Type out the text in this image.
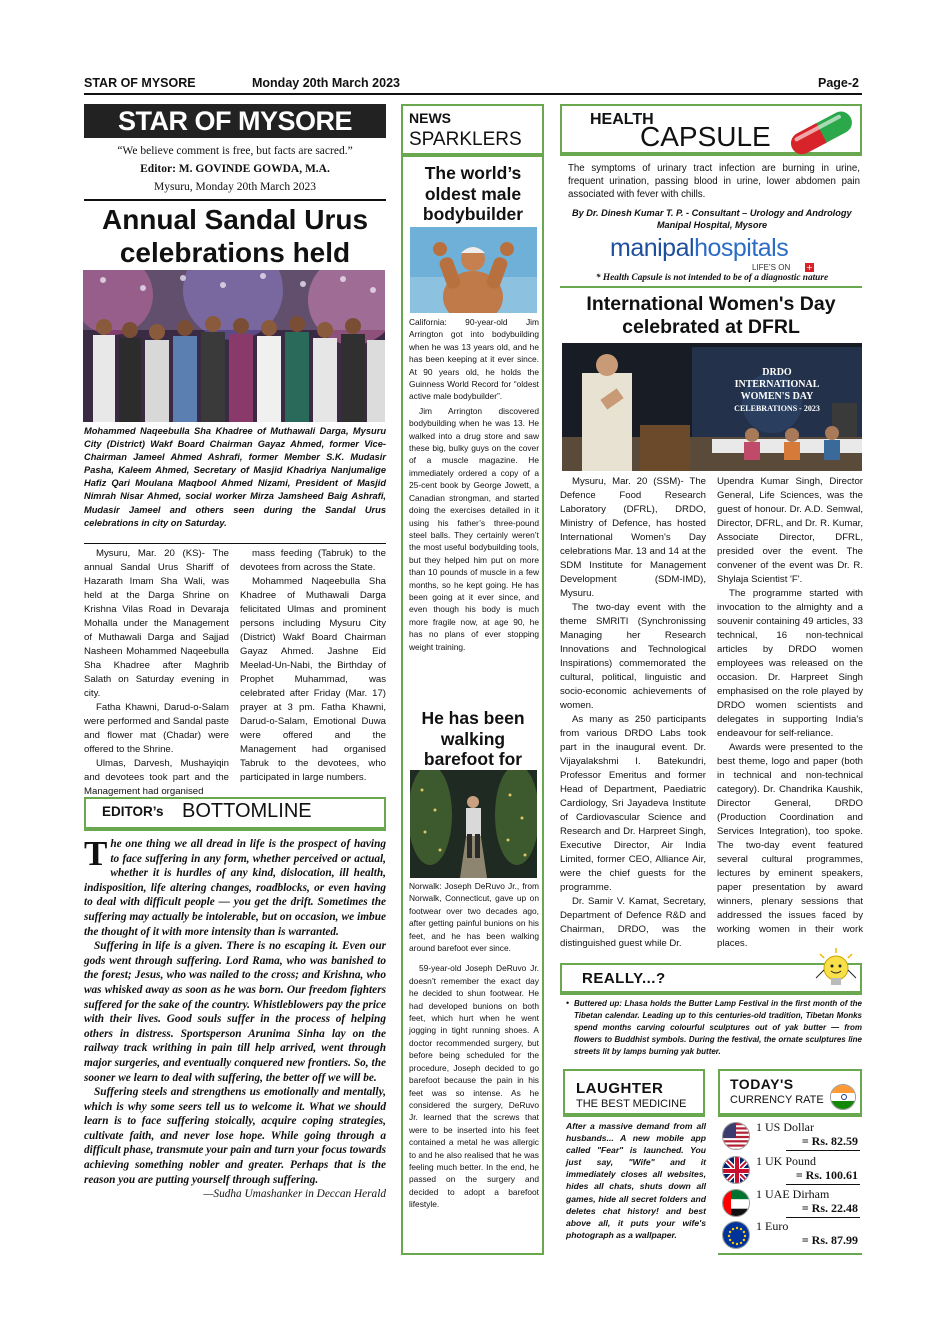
STAR OF MYSORE	Monday 20th March 2023	Page-2
STAR OF MYSORE
“We believe comment is free, but facts are sacred.”
Editor: M. GOVINDE GOWDA, M.A.
Mysuru, Monday 20th March 2023
Annual Sandal Urus celebrations held
Mohammed Naqeebulla Sha Khadree of Muthawali Darga, Mysuru City (District) Wakf Board Chairman Gayaz Ahmed, former Vice-Chairman Jameel Ahmed Ashrafi, former Member S.K. Mudasir Pasha, Kaleem Ahmed, Secretary of Masjid Khadriya Nanjumalige Hafiz Qari Moulana Maqbool Ahmed Nizami, President of Masjid Nimrah Nisar Ahmed, social worker Mirza Jamsheed Baig Ashrafi, Mudasir Jameel and others seen during the Sandal Urus celebrations in city on Saturday.

Mysuru, Mar. 20 (KS)- The annual Sandal Urus Shariff of Hazarath Imam Sha Wali, was held at the Darga Shrine on Krishna Vilas Road in Devaraja Mohalla under the Management of Muthawali Darga and Sajjad Nasheen Mohammed Naqeebulla Sha Khadree after Maghrib Salath on Saturday evening in city.

Fatha Khawni, Darud-o-Salam were performed and Sandal paste and flower mat (Chadar) were offered to the Shrine.

Ulmas, Darvesh, Mushayiqin and devotees took part and the Management had organised

mass feeding (Tabruk) to the devotees from across the State.

Mohammed Naqeebulla Sha Khadree of Muthawali Darga felicitated Ulmas and prominent persons including Mysuru City (District) Wakf Board Chairman Gayaz Ahmed. Jashne Eid Meelad-Un-Nabi, the Birthday of Prophet Muhammad, was celebrated after Friday (Mar. 17) prayer at 3 pm. Fatha Khawni, Darud-o-Salam, Emotional Duwa were offered and the Management had organised Tabruk to the devotees, who participated in large numbers.

EDITOR’s BOTTOMLINE
T he one thing we all dread in life is the prospect of having to face suffering in any form, whether perceived or actual, whether it is hurdles of any kind, dislocation, ill health, indisposition, life altering changes, roadblocks, or even having to deal with difficult people — you get the drift. Sometimes the suffering may actually be intolerable, but on occasion, we imbue the thought of it with more intensity than is warranted.

Suffering in life is a given. There is no escaping it. Even our gods went through suffering. Lord Rama, who was banished to the forest; Jesus, who was nailed to the cross; and Krishna, who was whisked away as soon as he was born. Our freedom fighters suffered for the sake of the country. Whistleblowers pay the price with their lives. Good souls suffer in the process of helping others in distress. Sportsperson Arunima Sinha lay on the railway track writhing in pain till help arrived, went through major surgeries, and eventually conquered new frontiers. So, the sooner we learn to deal with suffering, the better off we will be.

Suffering steels and strengthens us emotionally and mentally, which is why some seers tell us to welcome it. What we should learn is to face suffering stoically, acquire coping strategies, cultivate faith, and never lose hope. While going through a difficult phase, transmute your pain and turn your focus towards achieving something nobler and greater. Perhaps that is the reason you are putting yourself through suffering.

—Sudha Umashanker in Deccan Herald

NEWS
SPARKLERS
The world’s oldest male bodybuilder

California: 90-year-old Jim Arrington got into bodybuilding when he was 13 years old, and he has been keeping at it ever since. At 90 years old, he holds the Guinness World Record for “oldest active male bodybuilder”.

Jim Arrington discovered bodybuilding when he was 13. He walked into a drug store and saw these big, bulky guys on the cover of a muscle magazine. He immediately ordered a copy of a 25-cent book by George Jowett, a Canadian strongman, and started doing the exercises detailed in it using his father’s three-pound steel balls. They certainly weren’t the most useful bodybuilding tools, but they helped him put on more than 10 pounds of muscle in a few months, so he kept going. He has been going at it ever since, and even though his body is much more fragile now, at age 90, he has no plans of ever stopping weight training.

He has been walking barefoot for

Norwalk: Joseph DeRuvo Jr., from Norwalk, Connecticut, gave up on footwear over two decades ago, after getting painful bunions on his feet, and he has been walking around barefoot ever since.

59-year-old Joseph DeRuvo Jr. doesn’t remember the exact day he decided to shun footwear. He had developed bunions on both feet, which hurt when he went jogging in tight running shoes. A doctor recommended surgery, but before being scheduled for the procedure, Joseph decided to go barefoot because the pain in his feet was so intense. As he considered the surgery, DeRuvo Jr. learned that the screws that were to be inserted into his feet contained a metal he was allergic to and he also realised that he was feeling much better. In the end, he passed on the surgery and decided to adopt a barefoot lifestyle.

HEALTH
CAPSULE
The symptoms of urinary tract infection are burning in urine, frequent urination, passing blood in urine, lower abdomen pain associated with fever with chills.
By Dr. Dinesh Kumar T. P. - Consultant – Urology and Andrology
Manipal Hospital, Mysore
manipalhospitals
LIFE’S ON +
* Health Capsule is not intended to be of a diagnostic nature
International Women's Day celebrated at DFRL
DRDO
INTERNATIONAL WOMEN'S DAY
CELEBRATIONS - 2023

Mysuru, Mar. 20 (SSM)- The Defence Food Research Laboratory (DFRL), DRDO, Ministry of Defence, has hosted International Women's Day celebrations Mar. 13 and 14 at the SDM Institute for Management Development (SDM-IMD), Mysuru.

The two-day event with the theme SMRITI (Synchronissing Managing her Research Innovations and Technological Inspirations) commemorated the cultural, political, linguistic and socio-economic achievements of women.

As many as 250 participants from various DRDO Labs took part in the inaugural event. Dr. Vijayalakshmi I. Batekundri, Professor Emeritus and former Head of Department, Paediatric Cardiology, Sri Jayadeva Institute of Cardiovascular Science and Research and Dr. Harpreet Singh, Executive Director, Air India Limited, former CEO, Alliance Air, were the chief guests for the programme.

Dr. Samir V. Kamat, Secretary, Department of Defence R&D and Chairman, DRDO, was the distinguished guest while Dr.

Upendra Kumar Singh, Director General, Life Sciences, was the guest of honour. Dr. A.D. Semwal, Director, DFRL, and Dr. R. Kumar, Associate Director, DFRL, presided over the event. The convener of the event was Dr. R. Shylaja Scientist 'F'.

The programme started with invocation to the almighty and a souvenir containing 49 articles, 33 technical, 16 non-technical articles by DRDO women employees was released on the occasion. Dr. Harpreet Singh emphasised on the role played by DRDO women scientists and delegates in supporting India's endeavour for self-reliance.

Awards were presented to the best theme, logo and paper (both in technical and non-technical category). Dr. Chandrika Kaushik, Director General, DRDO (Production Coordination and Services Integration), too spoke. The two-day event featured several cultural programmes, lectures by eminent speakers, paper presentation by award winners, plenary sessions that addressed the issues faced by working women in their work places.

REALLY...?
• Buttered up: Lhasa holds the Butter Lamp Festival in the first month of the Tibetan calendar. Leading up to this centuries-old tradition, Tibetan Monks spend months carving colourful sculptures out of yak butter — from flowers to Buddhist symbols. During the festival, the ornate sculptures line streets lit by lamps burning yak butter.
LAUGHTER
THE BEST MEDICINE
After a massive demand from all husbands... A new mobile app called "Fear" is launched. You just say, "Wife" and it immediately closes all websites, hides all chats, shuts down all games, hide all secret folders and deletes chat history! and best above all, it puts your wife's photograph as a wallpaper.
TODAY'S
CURRENCY RATE
1 US Dollar
= Rs. 82.59
1 UK Pound
= Rs. 100.61
1 UAE Dirham
= Rs. 22.48
1 Euro
= Rs. 87.99
